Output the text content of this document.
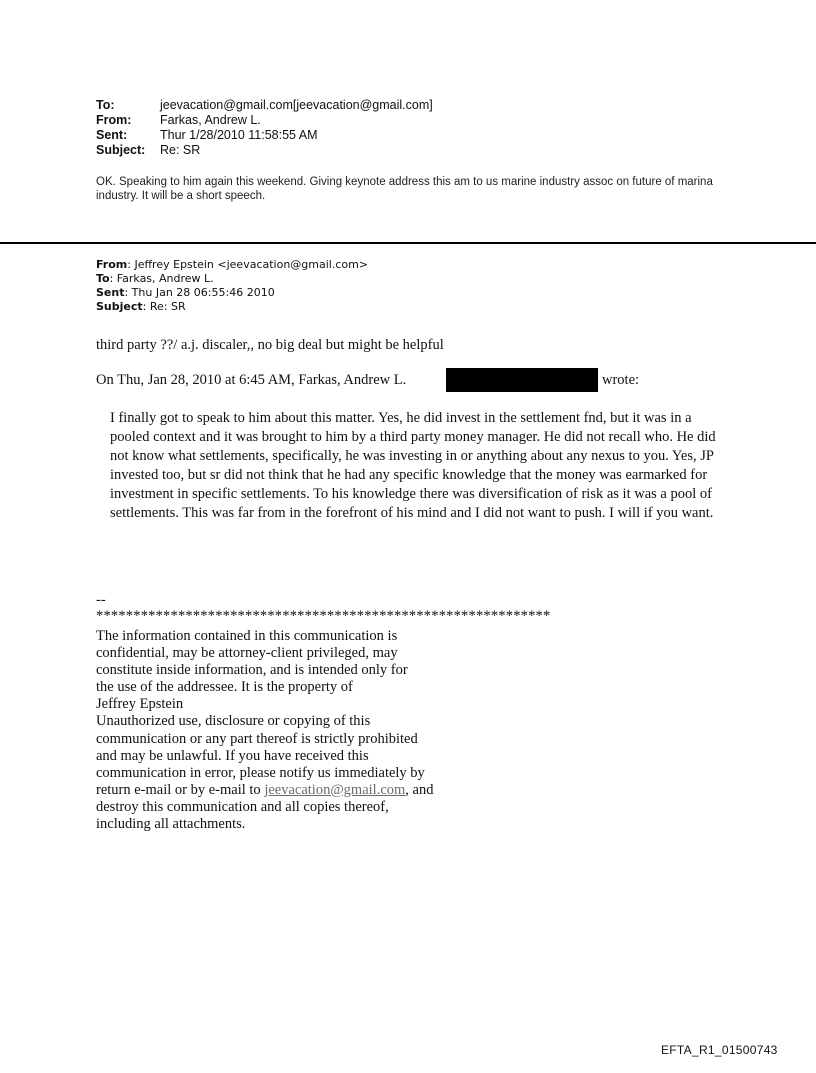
To:	jeevacation@gmail.com[jeevacation@gmail.com]
From:	Farkas, Andrew L.
Sent:	Thur 1/28/2010 11:58:55 AM
Subject:	Re: SR
OK. Speaking to him again this weekend. Giving keynote address this am to us marine industry assoc on future of marina industry. It will be a short speech.
From: Jeffrey Epstein <jeevacation@gmail.com>
To: Farkas, Andrew L.
Sent: Thu Jan 28 06:55:46 2010
Subject: Re: SR
third party ??/ a.j. discaler,, no big deal but might be helpful
On Thu, Jan 28, 2010 at 6:45 AM, Farkas, Andrew L.	wrote:
I finally got to speak to him about this matter. Yes, he did invest in the settlement fnd, but it was in a pooled context and it was brought to him by a third party money manager. He did not recall who. He did not know what settlements, specifically, he was investing in or anything about any nexus to you. Yes, JP invested too, but sr did not think that he had any specific knowledge that the money was earmarked for investment in specific settlements. To his knowledge there was diversification of risk as it was a pool of settlements. This was far from in the forefront of his mind and I did not want to push. I will if you want.
--
*************************************************************
The information contained in this communication is
confidential, may be attorney-client privileged, may
constitute inside information, and is intended only for
the use of the addressee. It is the property of
Jeffrey Epstein
Unauthorized use, disclosure or copying of this
communication or any part thereof is strictly prohibited
and may be unlawful. If you have received this
communication in error, please notify us immediately by
return e-mail or by e-mail to jeevacation@gmail.com, and
destroy this communication and all copies thereof,
including all attachments.
EFTA_R1_01500743
